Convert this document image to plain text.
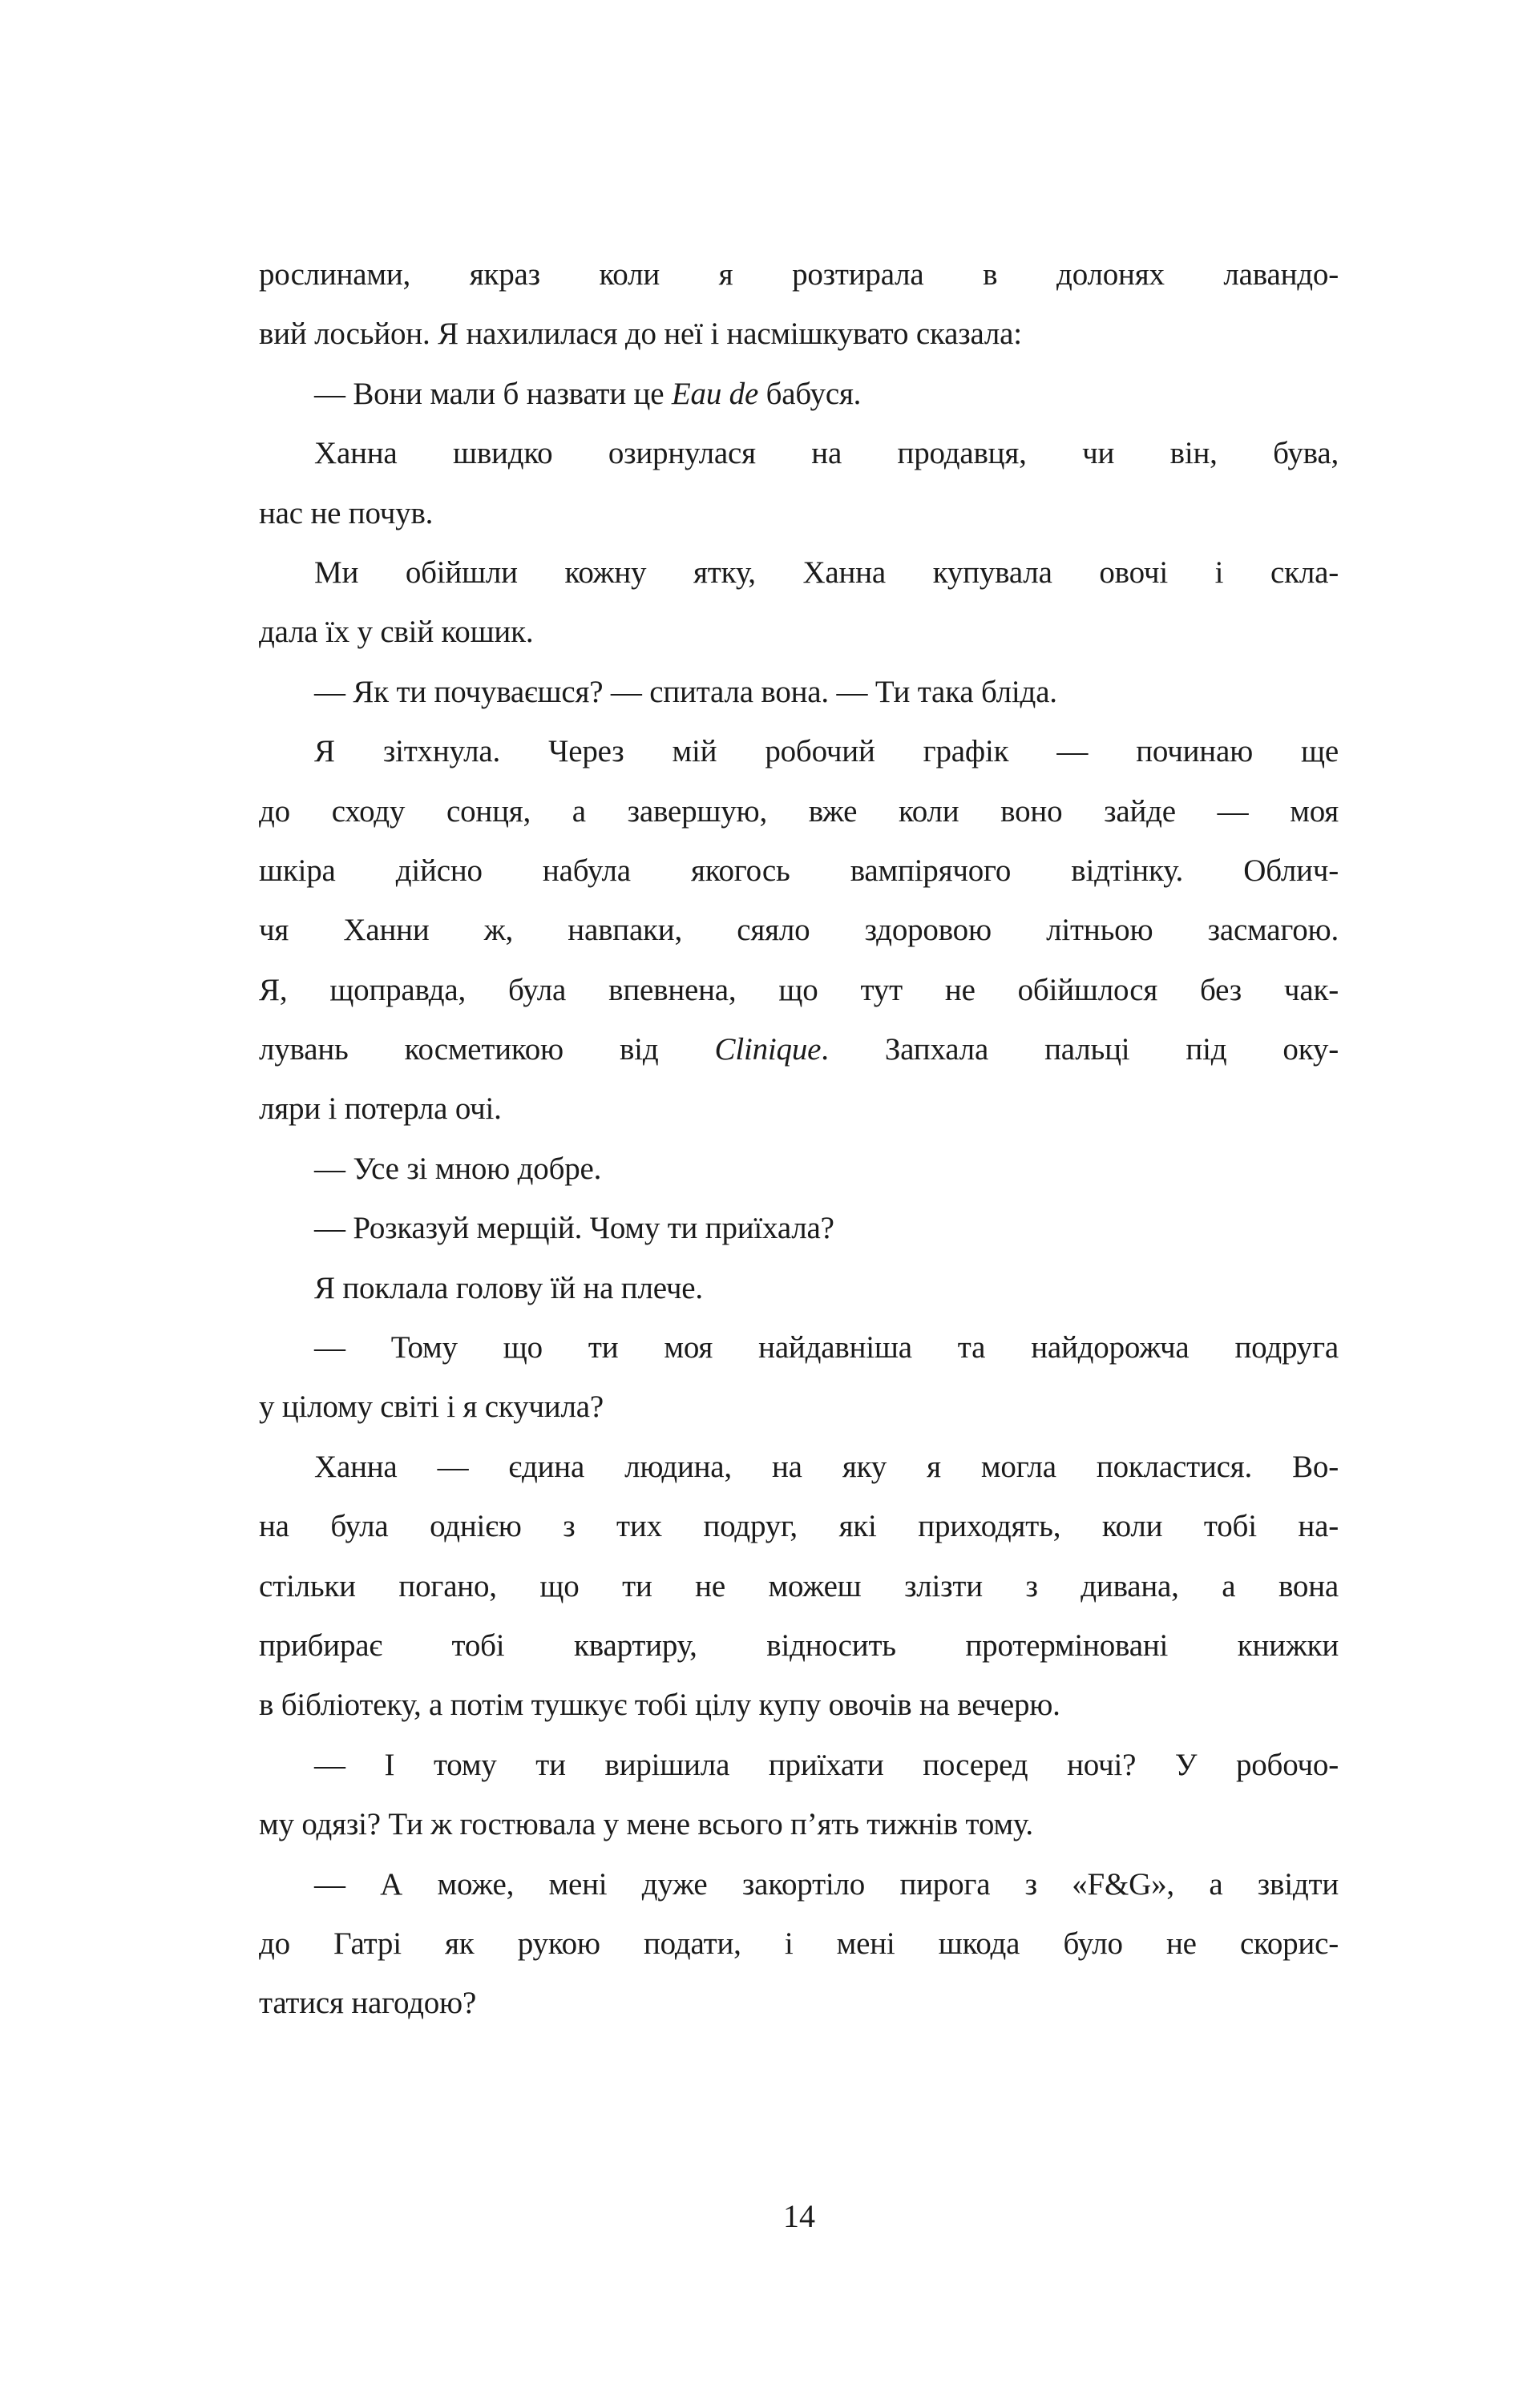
рослинами, якраз коли я розтирала в долонях лавандо-
вий лосьйон. Я нахилилася до неї і насмішкувато сказала:
— Вони мали б назвати це Eau de бабуся.
Ханна швидко озирнулася на продавця, чи він, бува,
нас не почув.
Ми обійшли кожну ятку, Ханна купувала овочі і скла-
дала їх у свій кошик.
— Як ти почуваєшся? — спитала вона. — Ти така бліда.
Я зітхнула. Через мій робочий графік — починаю ще
до сходу сонця, а завершую, вже коли воно зайде — моя
шкіра дійсно набула якогось вампірячого відтінку. Облич-
чя Ханни ж, навпаки, сяяло здоровою літньою засмагою.
Я, щоправда, була впевнена, що тут не обійшлося без чак-
лувань косметикою від Clinique. Запхала пальці під оку-
ляри і потерла очі.
— Усе зі мною добре.
— Розказуй мерщій. Чому ти приїхала?
Я поклала голову їй на плече.
— Тому що ти моя найдавніша та найдорожча подруга
у цілому світі і я скучила?
Ханна — єдина людина, на яку я могла покластися. Во-
на була однією з тих подруг, які приходять, коли тобі на-
стільки погано, що ти не можеш злізти з дивана, а вона
прибирає тобі квартиру, відносить протерміновані книжки
в бібліотеку, а потім тушкує тобі цілу купу овочів на вечерю.
— І тому ти вирішила приїхати посеред ночі? У робочо-
му одязі? Ти ж гостювала у мене всього п’ять тижнів тому.
— А може, мені дуже закортіло пирога з «F&G», а звідти
до Гатрі як рукою подати, і мені шкода було не скорис-
татися нагодою?
14
